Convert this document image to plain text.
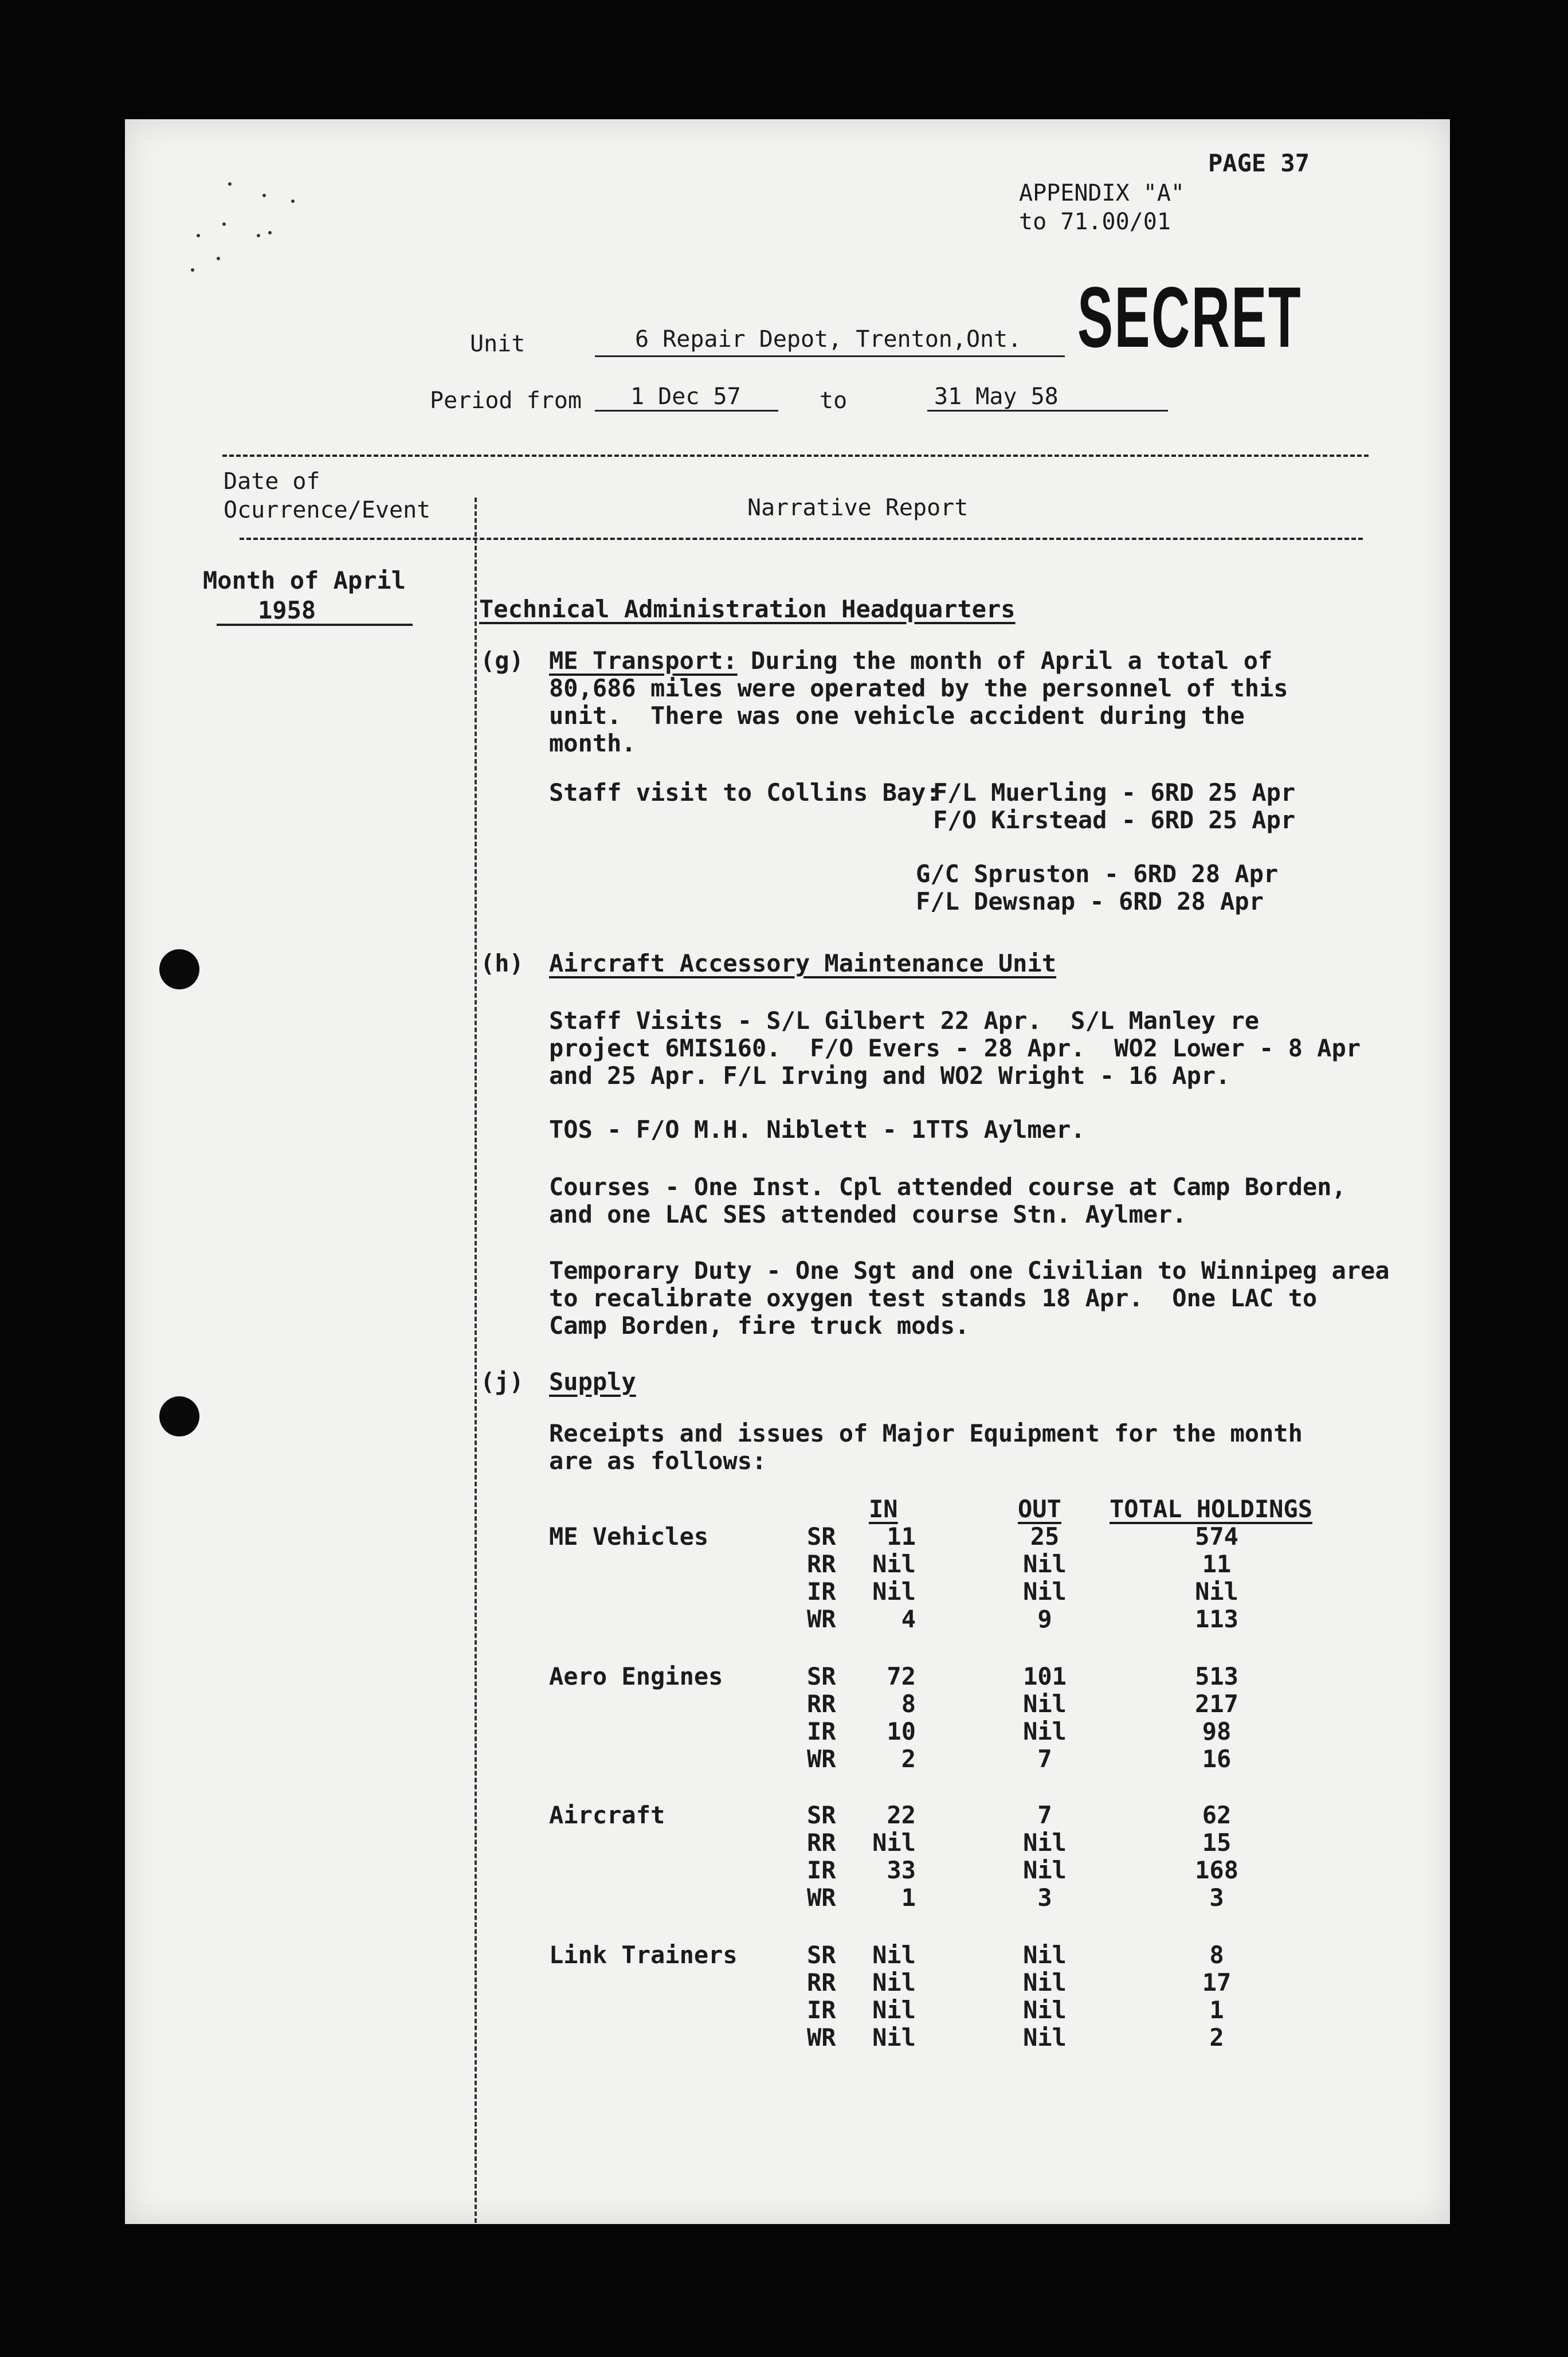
PAGE 37
APPENDIX "A"
to 71.00/01
SECRET
Unit	6 Repair Depot, Trenton,Ont.
Period from 1 Dec 57	to	31 May 58
Date of
Ocurrence/Event	Narrative Report
Month of April
1958	Technical Administration Headquarters
(g) ME Transport: During the month of April a total of
80,686 miles were operated by the personnel of this
unit.  There was one vehicle accident during the
month.
Staff visit to Collins Bay:
F/L Muerling - 6RD 25 Apr
F/O Kirstead - 6RD 25 Apr
G/C Spruston - 6RD 28 Apr
F/L Dewsnap - 6RD 28 Apr
(h) Aircraft Accessory Maintenance Unit
Staff Visits - S/L Gilbert 22 Apr.  S/L Manley re
project 6MIS160.  F/O Evers - 28 Apr.  WO2 Lower - 8 Apr
and 25 Apr. F/L Irving and WO2 Wright - 16 Apr.
TOS - F/O M.H. Niblett - 1TTS Aylmer.
Courses - One Inst. Cpl attended course at Camp Borden,
and one LAC SES attended course Stn. Aylmer.
Temporary Duty - One Sgt and one Civilian to Winnipeg area
to recalibrate oxygen test stands 18 Apr.  One LAC to
Camp Borden, fire truck mods.
(j) Supply
Receipts and issues of Major Equipment for the month
are as follows:
IN	OUT TOTAL HOLDINGS
ME Vehicles	SR	11	25	574
RR	Nil	Nil	11
IR	Nil	Nil	Nil
WR	4	9	113
Aero Engines	SR	72	101	513
RR	8	Nil	217
IR	10	Nil	98
WR	2	7	16
Aircraft	SR	22	7	62
RR	Nil	Nil	15
IR	33	Nil	168
WR	1	3	3
Link Trainers	SR	Nil	Nil	8
RR	Nil	Nil	17
IR	Nil	Nil	1
WR	Nil	Nil	2
